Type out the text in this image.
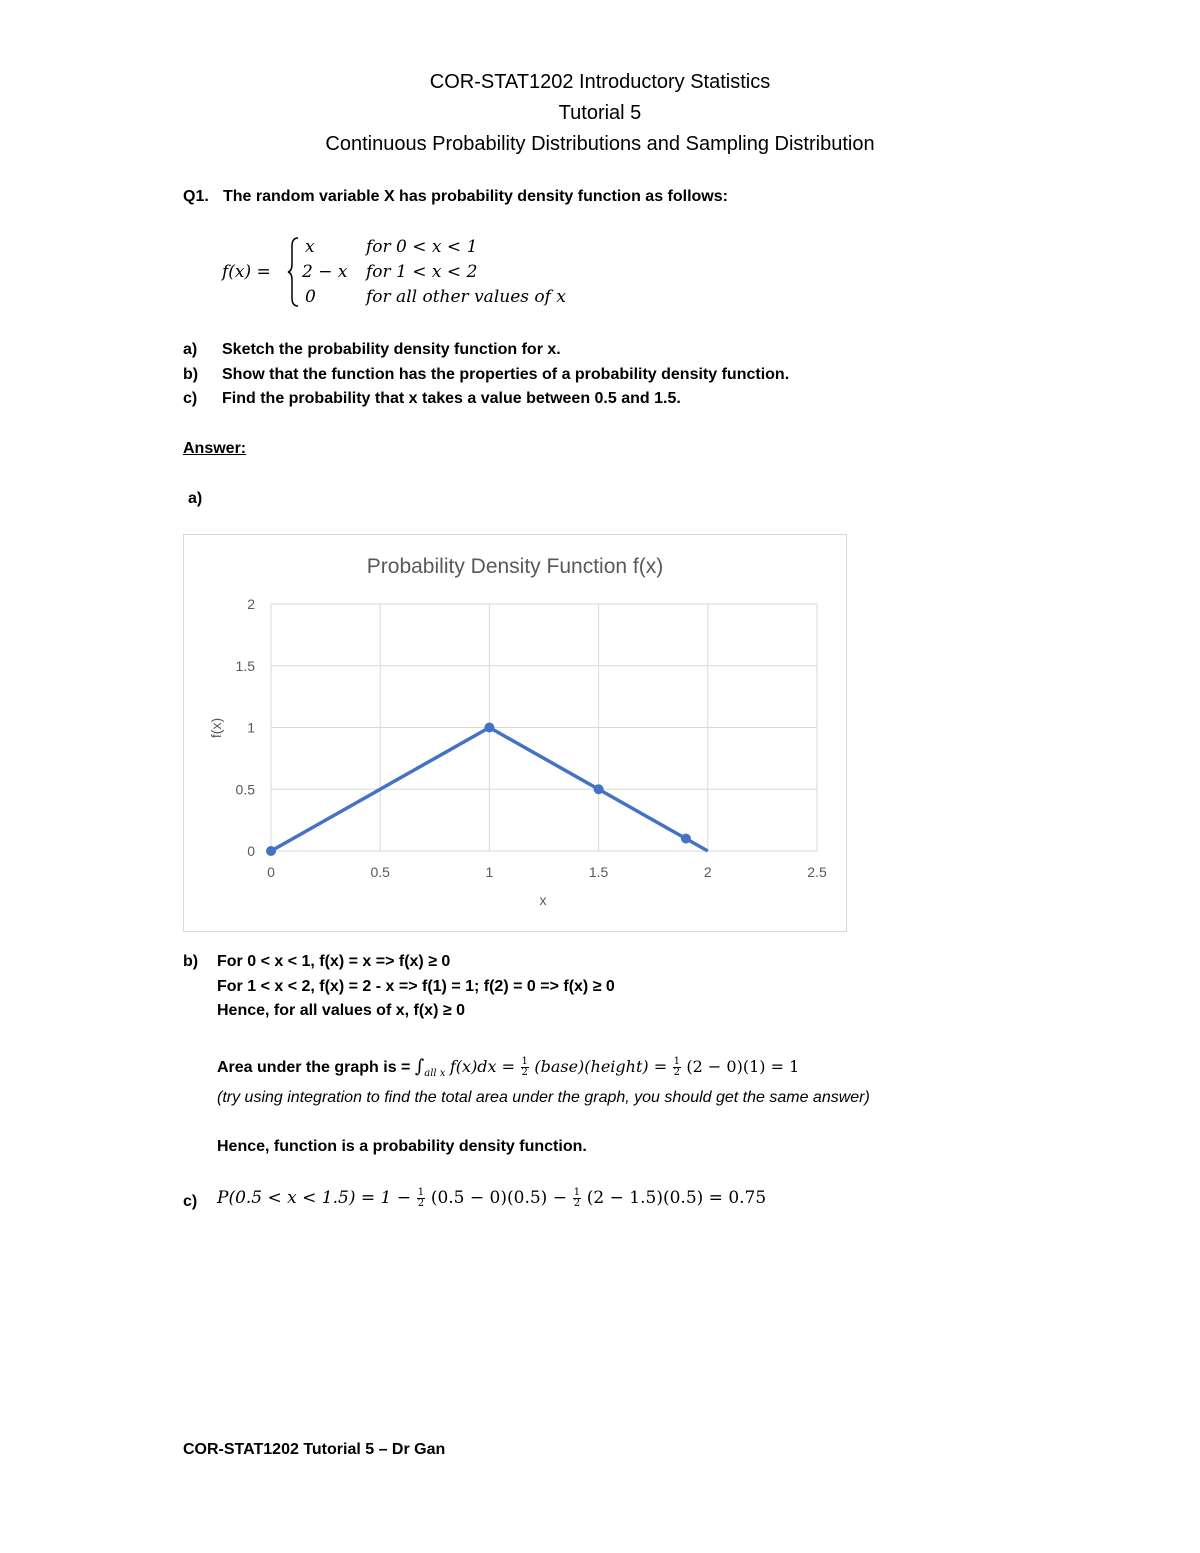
COR-STAT1202 Introductory Statistics
Tutorial 5
Continuous Probability Distributions and Sampling Distribution
Q1. The random variable X has probability density function as follows:
f(x) =
x	for 0 < x < 1
2 − x for 1 < x < 2
0	for all other values of x
a) Sketch the probability density function for x.
b) Show that the function has the properties of a probability density function.
c) Find the probability that x takes a value between 0.5 and 1.5.
Answer:
a)
Probability Density Function f(x)
0	0.5	1	1.5	2	2.5
0
0.5
1
1.5
2
x
f(x)
b) For 0 < x < 1, f(x) = x => f(x) ≥ 0
For 1 < x < 2, f(x) = 2 - x => f(1) = 1; f(2) = 0 => f(x) ≥ 0
Hence, for all values of x, f(x) ≥ 0
Area under the graph is = $\int_{all x}$ $f(x)dx = \frac{1}{2}$ (base)(height) = $\frac{1}{2} (2 - 0)(1) = 1$
(try using integration to find the total area under the graph, you should get the same answer)
Hence, function is a probability density function.
c) $P(0.5 < x < 1.5) = 1 - \frac{1}{2} (0.5 - 0)(0.5) - \frac{1}{2} (2 - 1.5)(0.5) = 0.75$
COR-STAT1202 Tutorial 5 – Dr Gan
